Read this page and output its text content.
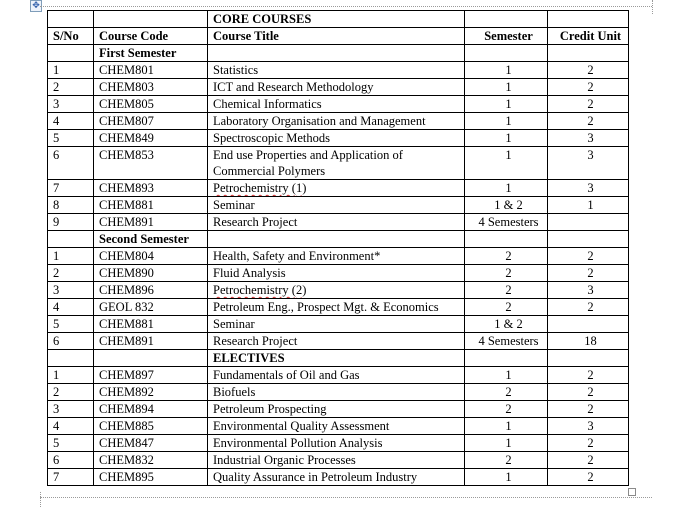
✥
		CORE COURSES		
S/No	Course Code	Course Title	Semester	Credit Unit
	First Semester			
1	CHEM801	Statistics	1	2
2	CHEM803	ICT and Research Methodology	1	2
3	CHEM805	Chemical Informatics	1	2
4	CHEM807	Laboratory Organisation and Management	1	2
5	CHEM849	Spectroscopic Methods	1	3
6	CHEM853	End use Properties and Application of Commercial Polymers	1	3
7	CHEM893	Petrochemistry (1)	1	3
8	CHEM881	Seminar	1 & 2	1
9	CHEM891	Research Project	4 Semesters	
	Second Semester			
1	CHEM804	Health, Safety and Environment*	2	2
2	CHEM890	Fluid Analysis	2	2
3	CHEM896	Petrochemistry (2)	2	3
4	GEOL 832	Petroleum Eng., Prospect Mgt. & Economics	2	2
5	CHEM881	Seminar	1 & 2	
6	CHEM891	Research Project	4 Semesters	18
		ELECTIVES		
1	CHEM897	Fundamentals of Oil and Gas	1	2
2	CHEM892	Biofuels	2	2
3	CHEM894	Petroleum Prospecting	2	2
4	CHEM885	Environmental Quality Assessment	1	3
5	CHEM847	Environmental Pollution Analysis	1	2
6	CHEM832	Industrial Organic Processes	2	2
7	CHEM895	Quality Assurance in Petroleum Industry	1	2
